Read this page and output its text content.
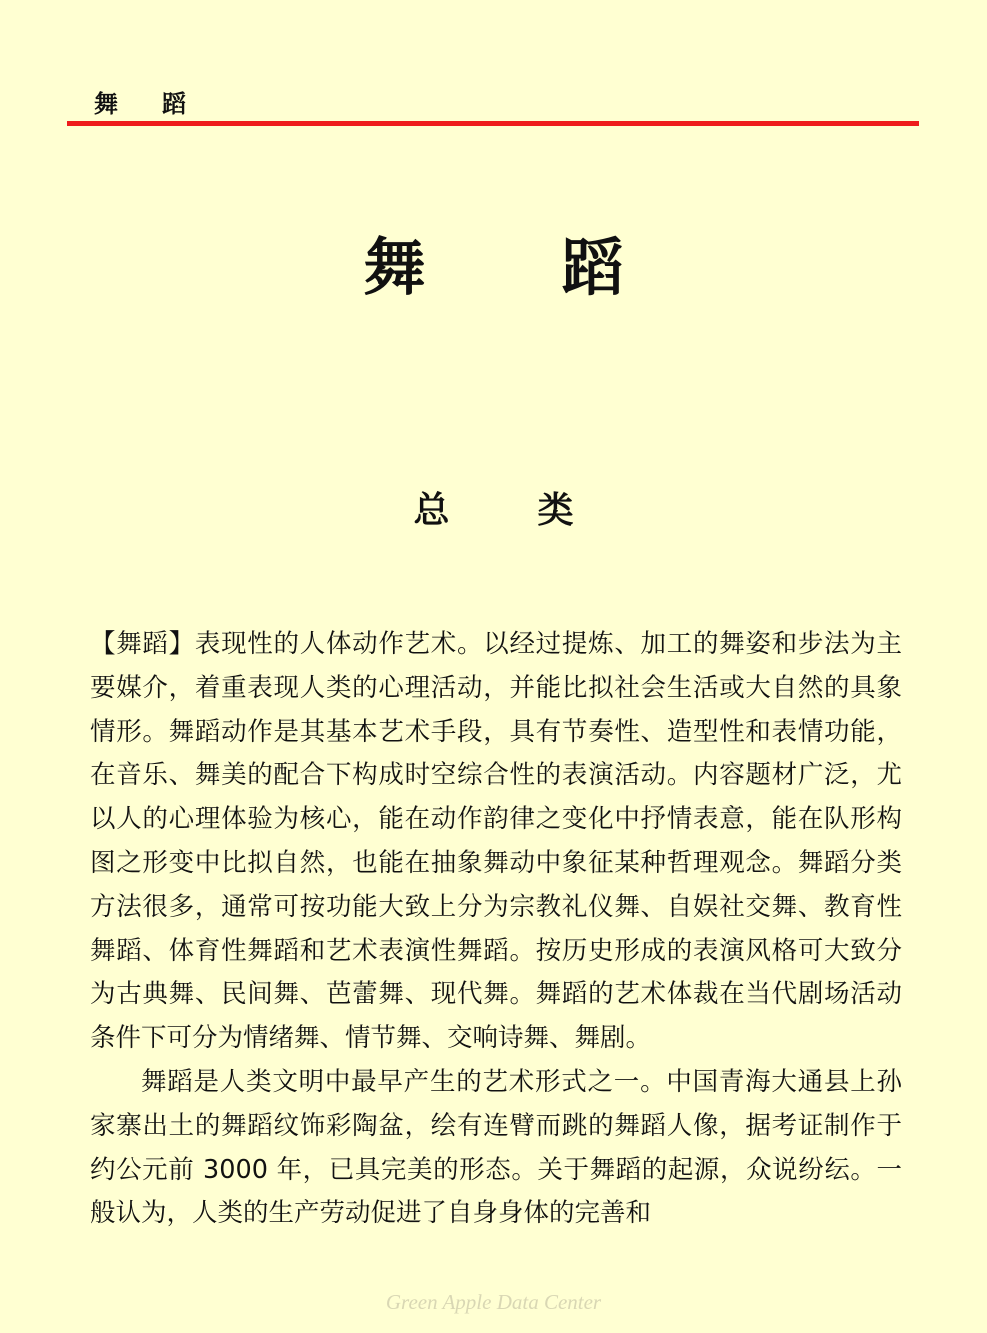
舞 蹈
舞 蹈
总 类

【舞蹈】表现性的人体动作艺术。以经过提炼、加工的舞姿和步法为主要媒介，着重表现人类的心理活动，并能比拟社会生活或大自然的具象情形。舞蹈动作是其基本艺术手段，具有节奏性、造型性和表情功能，在音乐、舞美的配合下构成时空综合性的表演活动。内容题材广泛，尤以人的心理体验为核心，能在动作韵律之变化中抒情表意，能在队形构图之形变中比拟自然，也能在抽象舞动中象征某种哲理观念。舞蹈分类方法很多，通常可按功能大致上分为宗教礼仪舞、自娱社交舞、教育性舞蹈、体育性舞蹈和艺术表演性舞蹈。按历史形成的表演风格可大致分为古典舞、民间舞、芭蕾舞、现代舞。舞蹈的艺术体裁在当代剧场活动条件下可分为情绪舞、情节舞、交响诗舞、舞剧。

舞蹈是人类文明中最早产生的艺术形式之一。中国青海大通县上孙家寨出土的舞蹈纹饰彩陶盆，绘有连臂而跳的舞蹈人像，据考证制作于约公元前 3000 年，已具完美的形态。关于舞蹈的起源，众说纷纭。一般认为，人类的生产劳动促进了自身身体的完善和

Green Apple Data Center
